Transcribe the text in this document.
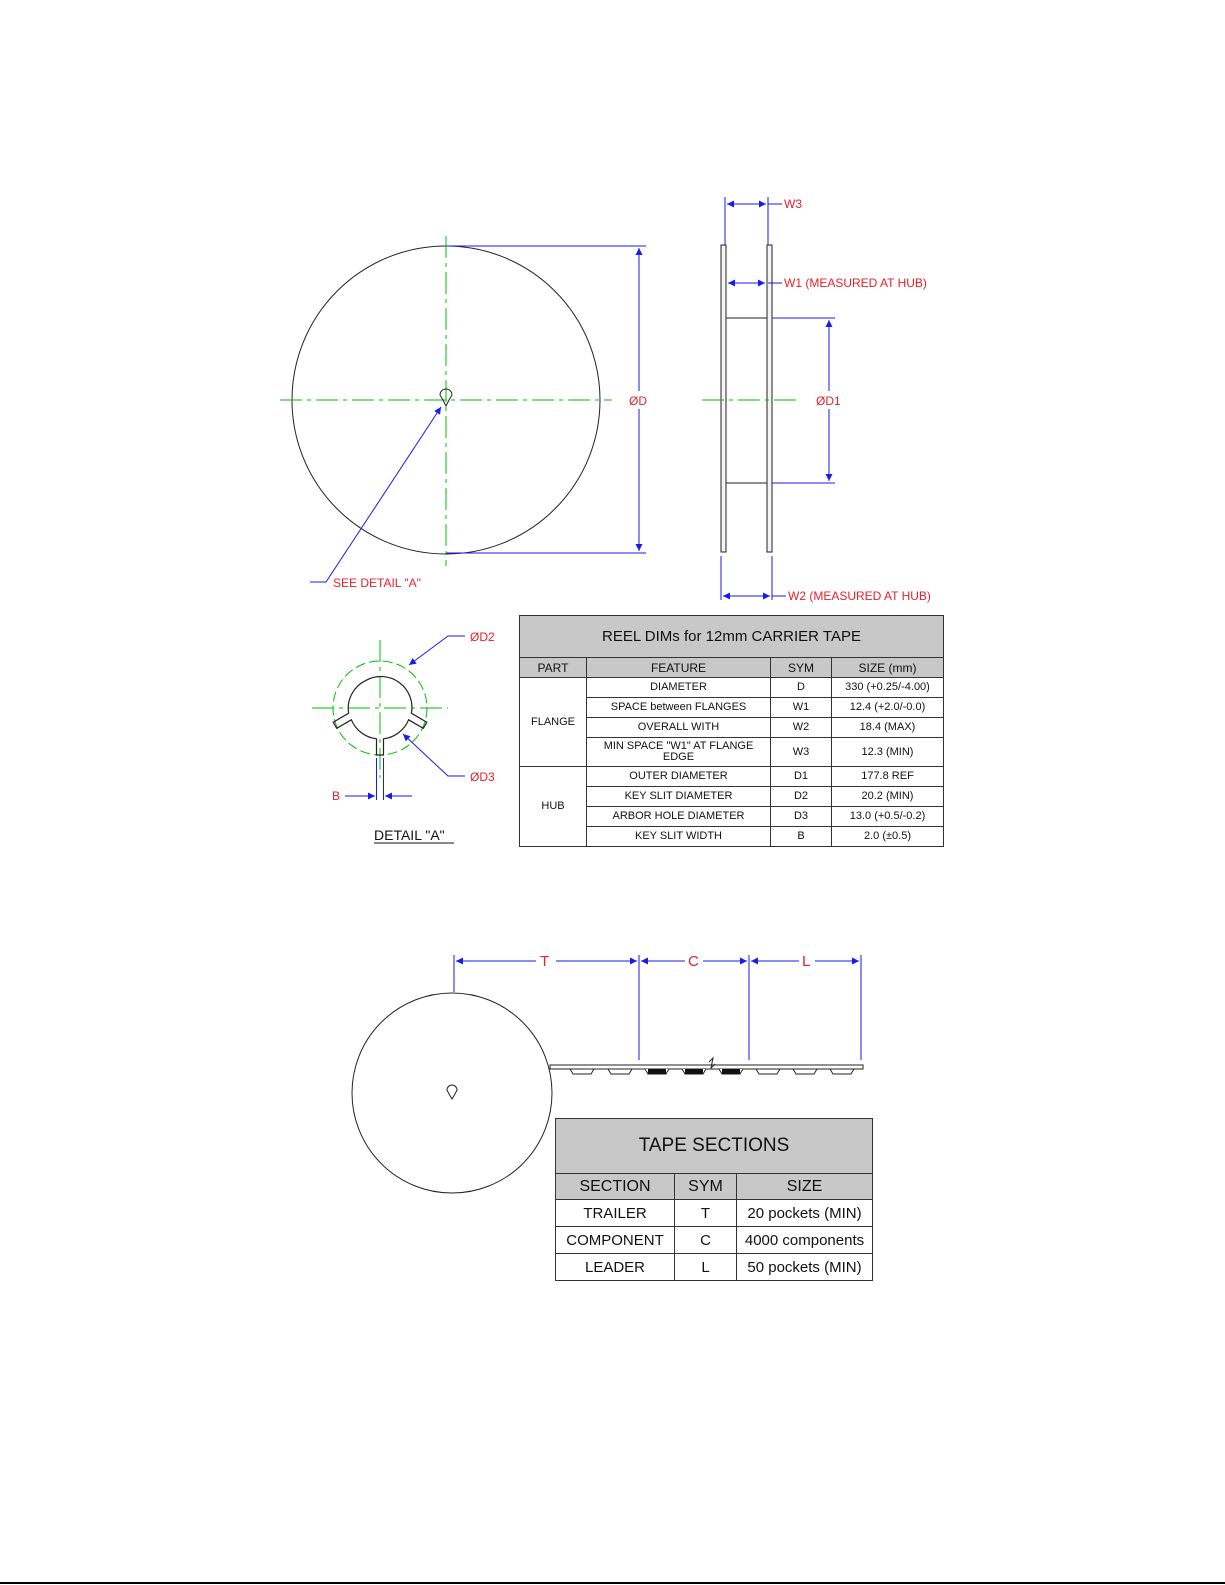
ØD
SEE DETAIL "A"
W3
W1 (MEASURED AT HUB)
ØD1
W2 (MEASURED AT HUB)
ØD2
ØD3
B
DETAIL "A"
T	C	L
REEL DIMs for 12mm CARRIER TAPE			
PART	FEATURE	SYM	SIZE (mm)
FLANGE	DIAMETER	D	330 (+0.25/-4.00)
	SPACE between FLANGES	W1	12.4 (+2.0/-0.0)
	OVERALL WITH	W2	18.4 (MAX)
	MIN SPACE "W1" AT FLANGE EDGE	W3	12.3 (MIN)
HUB	OUTER DIAMETER	D1	177.8 REF
	KEY SLIT DIAMETER	D2	20.2 (MIN)
	ARBOR HOLE DIAMETER	D3	13.0 (+0.5/-0.2)
	KEY SLIT WIDTH	B	2.0 (±0.5)
TAPE SECTIONS		
SECTION	SYM	SIZE
TRAILER	T	20 pockets (MIN)
COMPONENT	C	4000 components
LEADER	L	50 pockets (MIN)
